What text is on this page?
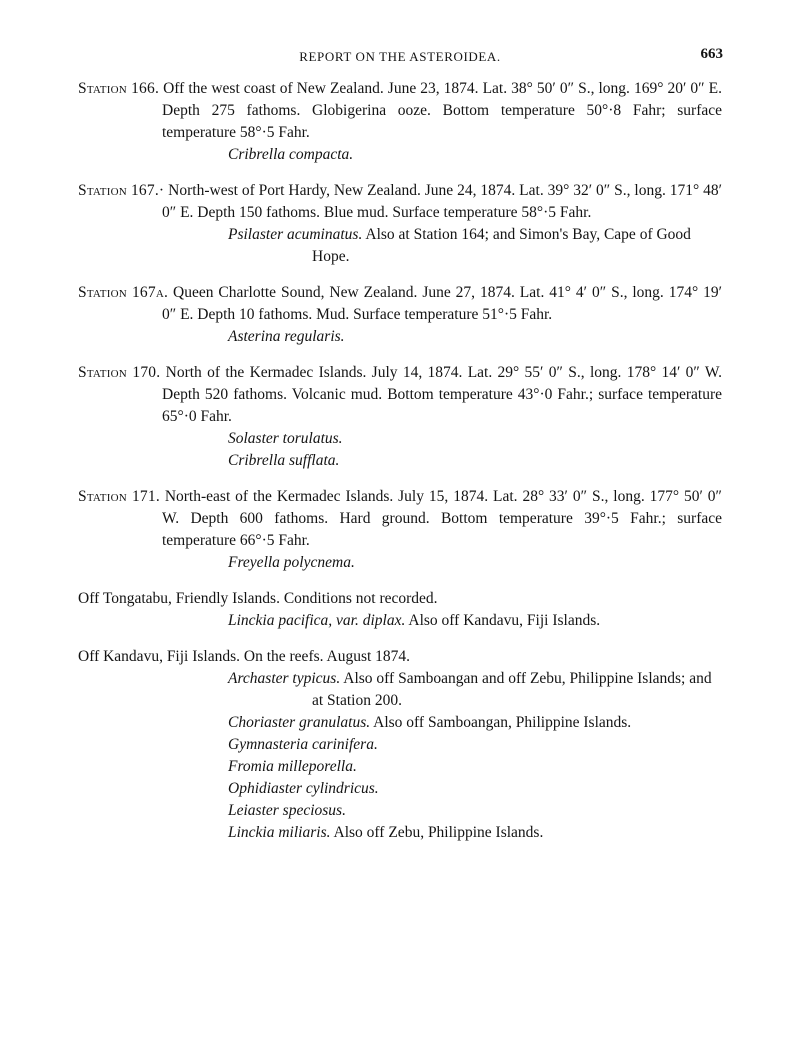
REPORT ON THE ASTEROIDEA.	663
Station 166. Off the west coast of New Zealand. June 23, 1874. Lat. 38° 50′ 0″ S., long. 169° 20′ 0″ E. Depth 275 fathoms. Globigerina ooze. Bottom temperature 50°·8 Fahr; surface temperature 58°·5 Fahr.
Cribrella compacta.
Station 167.· North-west of Port Hardy, New Zealand. June 24, 1874. Lat. 39° 32′ 0″ S., long. 171° 48′ 0″ E. Depth 150 fathoms. Blue mud. Surface temperature 58°·5 Fahr.
Psilaster acuminatus. Also at Station 164; and Simon's Bay, Cape of Good Hope.
Station 167a. Queen Charlotte Sound, New Zealand. June 27, 1874. Lat. 41° 4′ 0″ S., long. 174° 19′ 0″ E. Depth 10 fathoms. Mud. Surface temperature 51°·5 Fahr.
Asterina regularis.
Station 170. North of the Kermadec Islands. July 14, 1874. Lat. 29° 55′ 0″ S., long. 178° 14′ 0″ W. Depth 520 fathoms. Volcanic mud. Bottom temperature 43°·0 Fahr.; surface temperature 65°·0 Fahr.
Solaster torulatus.
Cribrella sufflata.
Station 171. North-east of the Kermadec Islands. July 15, 1874. Lat. 28° 33′ 0″ S., long. 177° 50′ 0″ W. Depth 600 fathoms. Hard ground. Bottom temperature 39°·5 Fahr.; surface temperature 66°·5 Fahr.
Freyella polycnema.
Off Tongatabu, Friendly Islands. Conditions not recorded.
Linckia pacifica, var. diplax. Also off Kandavu, Fiji Islands.
Off Kandavu, Fiji Islands. On the reefs. August 1874.
Archaster typicus. Also off Samboangan and off Zebu, Philippine Islands; and at Station 200.
Choriaster granulatus. Also off Samboangan, Philippine Islands.
Gymnasteria carinifera.
Fromia milleporella.
Ophidiaster cylindricus.
Leiaster speciosus.
Linckia miliaris. Also off Zebu, Philippine Islands.
